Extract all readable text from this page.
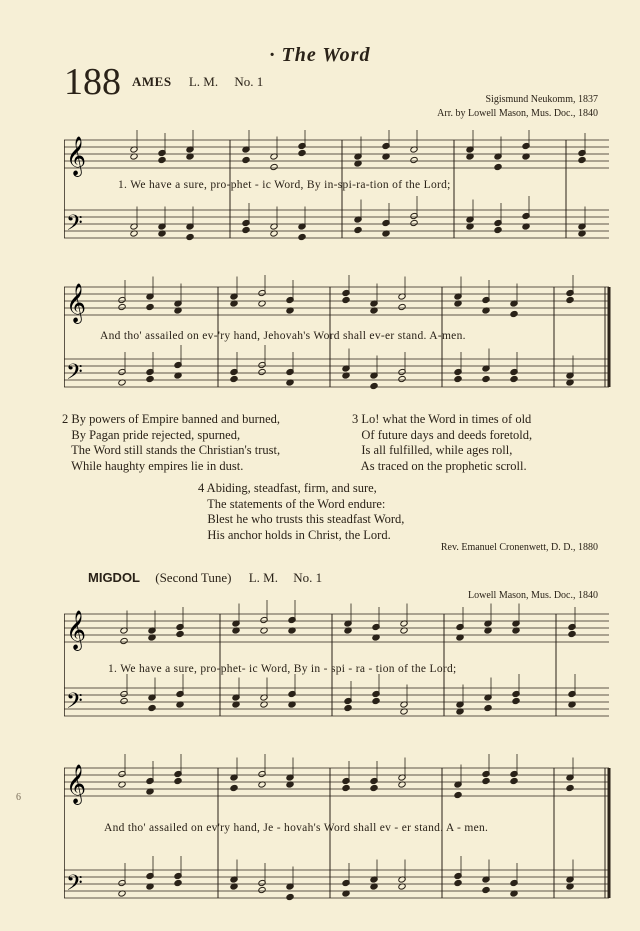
· The Word
188 AMES L. M. No. 1
Sigismund Neukomm, 1837
Arr. by Lowell Mason, Mus. Doc., 1840
𝄞
𝄢
1. We have a sure, pro-phet - ic Word, By in-spi-ra-tion of the Lord;
𝄞
𝄢
And tho' assailed on ev-'ry hand, Jehovah's Word shall ev-er stand. A-men.
2 By powers of Empire banned and burned,
By Pagan pride rejected, spurned,
The Word still stands the Christian's trust,
While haughty empires lie in dust.
3 Lo! what the Word in times of old
Of future days and deeds foretold,
Is all fulfilled, while ages roll,
As traced on the prophetic scroll.
4 Abiding, steadfast, firm, and sure,
The statements of the Word endure:
Blest he who trusts this steadfast Word,
His anchor holds in Christ, the Lord.
Rev. Emanuel Cronenwett, D. D., 1880
MIGDOL (Second Tune) L. M. No. 1
Lowell Mason, Mus. Doc., 1840
𝄞
𝄢
1. We have a sure, pro-phet- ic Word, By in - spi - ra - tion of the Lord;
𝄞
𝄢
And tho' assailed on ev'ry hand, Je - hovah's Word shall ev - er stand. A - men.
6
